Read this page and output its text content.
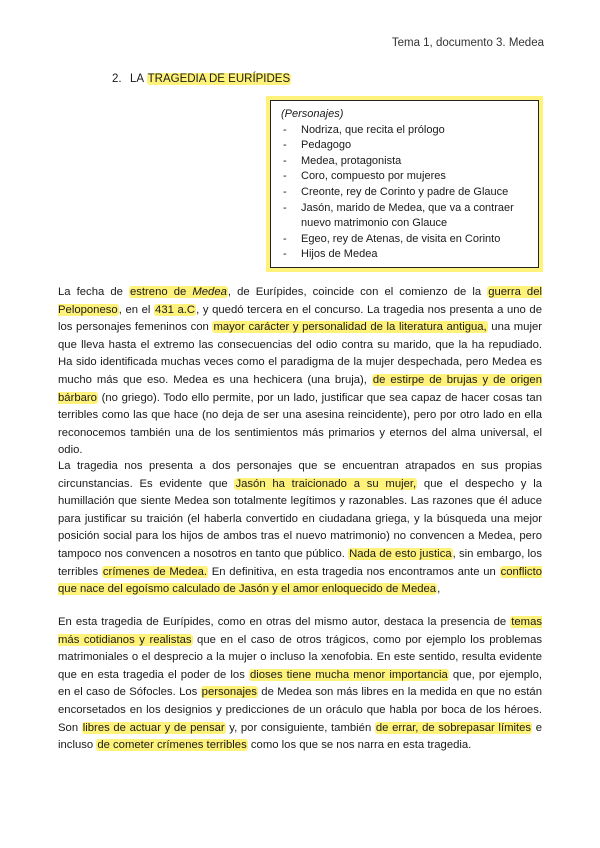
Tema 1, documento 3. Medea
2. LA TRAGEDIA DE EURÍPIDES
(Personajes)
- Nodriza, que recita el prólogo
- Pedagogo
- Medea, protagonista
- Coro, compuesto por mujeres
- Creonte, rey de Corinto y padre de Glauce
- Jasón, marido de Medea, que va a contraer nuevo matrimonio con Glauce
- Egeo, rey de Atenas, de visita en Corinto
- Hijos de Medea
La fecha de estreno de Medea, de Eurípides, coincide con el comienzo de la guerra del Peloponeso, en el 431 a.C, y quedó tercera en el concurso. La tragedia nos presenta a uno de los personajes femeninos con mayor carácter y personalidad de la literatura antigua, una mujer que lleva hasta el extremo las consecuencias del odio contra su marido, que la ha repudiado. Ha sido identificada muchas veces como el paradigma de la mujer despechada, pero Medea es mucho más que eso. Medea es una hechicera (una bruja), de estirpe de brujas y de origen bárbaro (no griego). Todo ello permite, por un lado, justificar que sea capaz de hacer cosas tan terribles como las que hace (no deja de ser una asesina reincidente), pero por otro lado en ella reconocemos también una de los sentimientos más primarios y eternos del alma universal, el odio.
La tragedia nos presenta a dos personajes que se encuentran atrapados en sus propias circunstancias. Es evidente que Jasón ha traicionado a su mujer, que el despecho y la humillación que siente Medea son totalmente legítimos y razonables. Las razones que él aduce para justificar su traición (el haberla convertido en ciudadana griega, y la búsqueda una mejor posición social para los hijos de ambos tras el nuevo matrimonio) no convencen a Medea, pero tampoco nos convencen a nosotros en tanto que público. Nada de esto justica, sin embargo, los terribles crímenes de Medea. En definitiva, en esta tragedia nos encontramos ante un conflicto que nace del egoísmo calculado de Jasón y el amor enloquecido de Medea,
En esta tragedia de Eurípides, como en otras del mismo autor, destaca la presencia de temas más cotidianos y realistas que en el caso de otros trágicos, como por ejemplo los problemas matrimoniales o el desprecio a la mujer o incluso la xenofobia. En este sentido, resulta evidente que en esta tragedia el poder de los dioses tiene mucha menor importancia que, por ejemplo, en el caso de Sófocles. Los personajes de Medea son más libres en la medida en que no están encorsetados en los designios y predicciones de un oráculo que habla por boca de los héroes. Son libres de actuar y de pensar y, por consiguiente, también de errar, de sobrepasar límites e incluso de cometer crímenes terribles como los que se nos narra en esta tragedia.
